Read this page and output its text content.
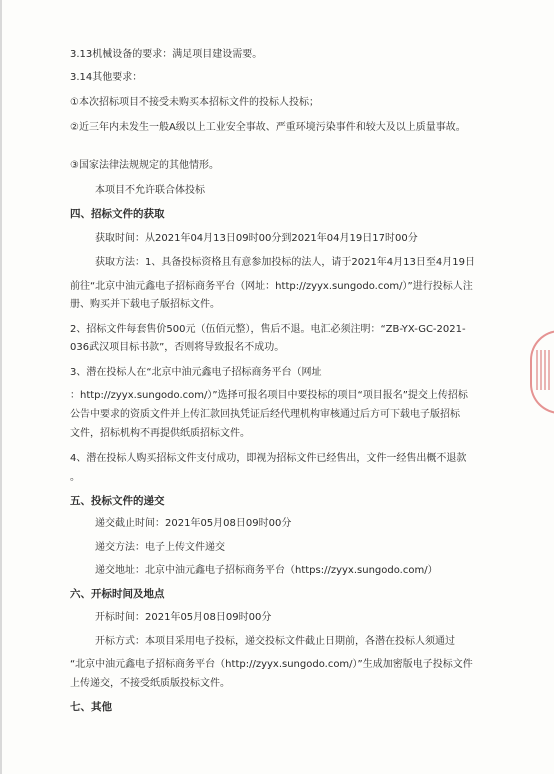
3.13机械设备的要求：满足项目建设需要。
3.14其他要求：
①本次招标项目不接受未购买本招标文件的投标人投标；
②近三年内未发生一般A级以上工业安全事故、严重环境污染事件和较大及以上质量事故。
③国家法律法规规定的其他情形。
本项目不允许联合体投标
四、招标文件的获取
获取时间：从2021年04月13日09时00分到2021年04月19日17时00分
获取方法：1、具备投标资格且有意参加投标的法人，请于2021年4月13日至4月19日
前往“北京中油元鑫电子招标商务平台（网址：http://zyyx.sungodo.com/）”进行投标人注
册、购买并下载电子版招标文件。
2、招标文件每套售价500元（伍佰元整），售后不退。电汇必须注明：“ZB-YX-GC-2021-
036武汉项目标书款”，否则将导致报名不成功。
3、潜在投标人在“北京中油元鑫电子招标商务平台（网址
：http://zyyx.sungodo.com/）”选择可报名项目中要投标的项目“项目报名”提交上传招标
公告中要求的资质文件并上传汇款回执凭证后经代理机构审核通过后方可下载电子版招标
文件，招标机构不再提供纸质招标文件。
4、潜在投标人购买招标文件支付成功，即视为招标文件已经售出，文件一经售出概不退款
。
五、投标文件的递交
递交截止时间：2021年05月08日09时00分
递交方法：电子上传文件递交
递交地址：北京中油元鑫电子招标商务平台（https://zyyx.sungodo.com/）
六、开标时间及地点
开标时间：2021年05月08日09时00分
开标方式：本项目采用电子投标，递交投标文件截止日期前，各潜在投标人须通过
“北京中油元鑫电子招标商务平台（http://zyyx.sungodo.com/）”生成加密版电子投标文件
上传递交，不接受纸质版投标文件。
七、其他
